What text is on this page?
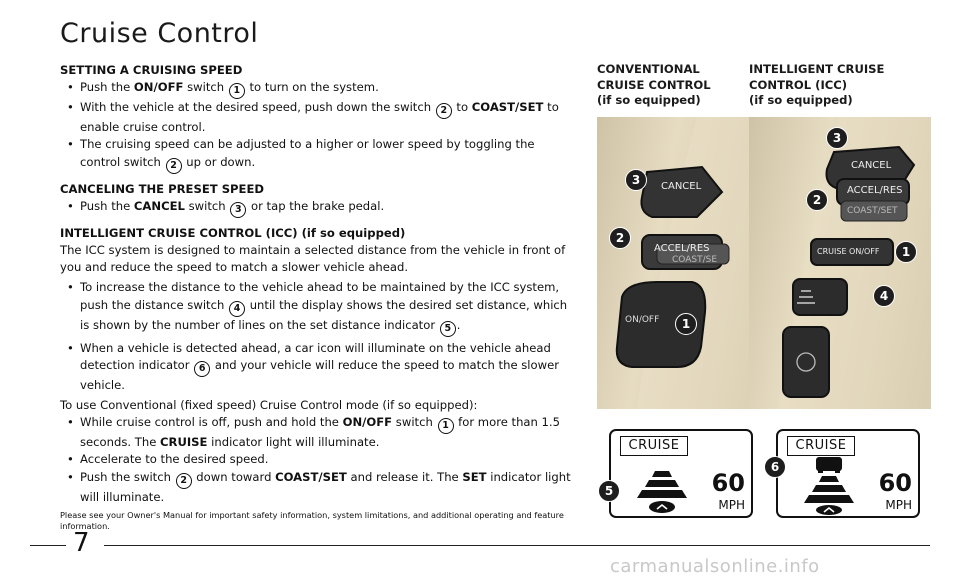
Cruise Control
SETTING A CRUISING SPEED
• Push the ON/OFF switch 1 to turn on the system.
• With the vehicle at the desired speed, push down the switch 2 to COAST/SET to enable cruise control.
• The cruising speed can be adjusted to a higher or lower speed by toggling the control switch 2 up or down.
CANCELING THE PRESET SPEED
• Push the CANCEL switch 3 or tap the brake pedal.
INTELLIGENT CRUISE CONTROL (ICC) (if so equipped)

The ICC system is designed to maintain a selected distance from the vehicle in front of you and reduce the speed to match a slower vehicle ahead.

• To increase the distance to the vehicle ahead to be maintained by the ICC system, push the distance switch 4 until the display shows the desired set distance, which is shown by the number of lines on the set distance indicator 5 .
• When a vehicle is detected ahead, a car icon will illuminate on the vehicle ahead detection indicator 6 and your vehicle will reduce the speed to match the slower vehicle.

To use Conventional (fixed speed) Cruise Control mode (if so equipped):

• While cruise control is off, push and hold the ON/OFF switch 1 for more than 1.5 seconds. The CRUISE indicator light will illuminate.
• Accelerate to the desired speed.
• Push the switch 2 down toward COAST/SET and release it. The SET indicator light will illuminate.
Please see your Owner's Manual for important safety information, system limitations, and additional operating and feature information.
CONVENTIONAL
CRUISE CONTROL
(if so equipped)
INTELLIGENT CRUISE
CONTROL (ICC)
(if so equipped)
CANCEL
ACCEL/RES
COAST/SE
ON/OFF
3
2
1
CANCEL
ACCEL/RES
COAST/SET
CRUISE ON/OFF
3
2
1
4
CRUISE
60
MPH
5
CRUISE
60
MPH
6
7
carmanualsonline.info
